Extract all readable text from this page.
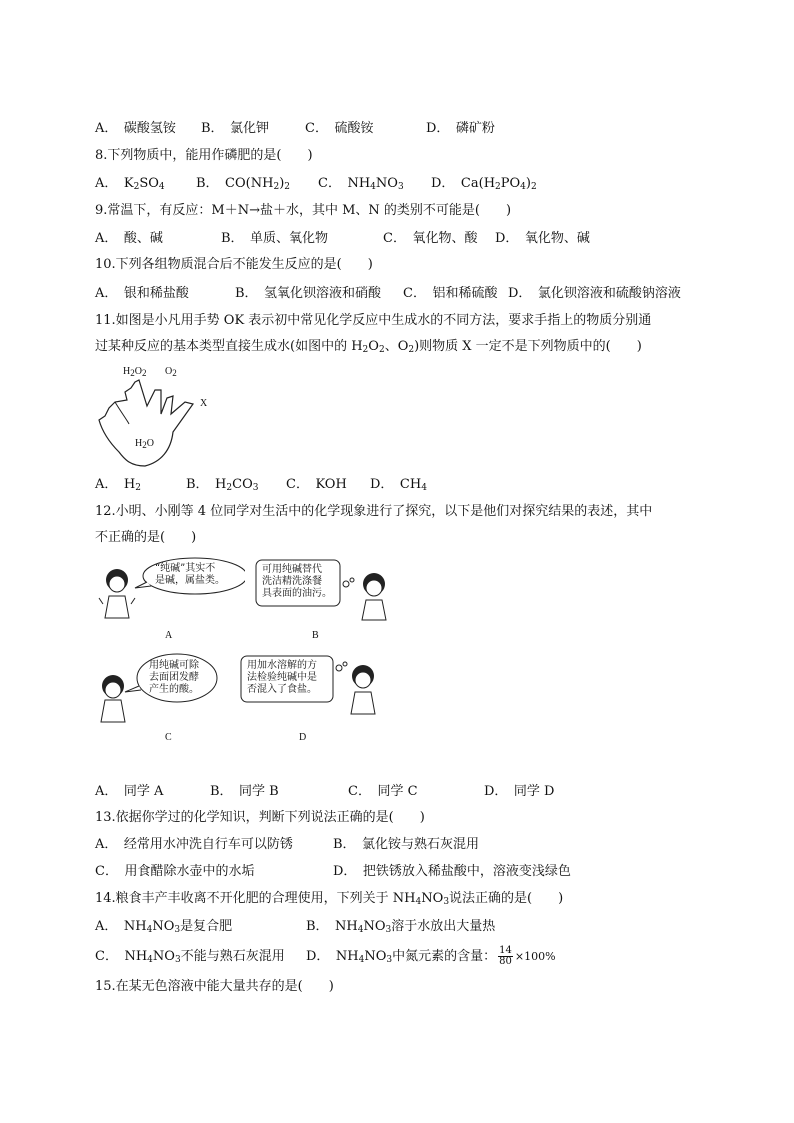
A．　碳酸氢铵 B．　氯化钾	C．　硫酸铵	D．　磷矿粉
8.下列物质中，能用作磷肥的是(　　)
A．　$K_2SO_4$ B．　$CO(NH_2)_2$ C．　$NH_4NO_3$ D．　$Ca(H_2PO_4)_2$
9.常温下，有反应：M＋N→盐＋水，其中 M、N 的类别不可能是(　　)
A．　酸、碱	B．　单质、氧化物	C．　氧化物、酸 D．　氧化物、碱
10.下列各组物质混合后不能发生反应的是(　　)
A．　银和稀盐酸	B．　氢氧化钡溶液和硝酸 C．　铝和稀硫酸 D．　氯化钡溶液和硫酸钠溶液
11.如图是小凡用手势 OK 表示初中常见化学反应中生成水的不同方法，要求手指上的物质分别通
过某种反应的基本类型直接生成水(如图中的 $H_2O_2$、$O_2$)则物质 X 一定不是下列物质中的(　　)
$H_2O_2$ $O_2$
X
$H_2O$
A．　$H_2$	B．　$H_2CO_3$ C．　KOH D．　$CH_4$
12.小明、小刚等 4 位同学对生活中的化学现象进行了探究，以下是他们对探究结果的表述，其中
不正确的是(　　)
“纯碱”其实不
是碱，属盐类。
A
可用纯碱替代
洗洁精洗涤餐
具表面的油污。
B
用纯碱可除
去面团发酵
产生的酸。
C
用加水溶解的方
法检验纯碱中是
否混入了食盐。
D
A．　同学 A	B．　同学 B	C．　同学 C	D．　同学 D
13.依据你学过的化学知识，判断下列说法正确的是(　　)
A．　经常用水冲洗自行车可以防锈	B．　氯化铵与熟石灰混用
C．　用食醋除水壶中的水垢	D．　把铁锈放入稀盐酸中，溶液变浅绿色
14.粮食丰产丰收离不开化肥的合理使用，下列关于 $NH_4NO_3$说法正确的是(　　)
A．　$NH_4NO_3$是复合肥	B．　$NH_4NO_3$溶于水放出大量热
C．　$NH_4NO_3$不能与熟石灰混用 D．　$NH_4NO_3$中氮元素的含量： $\frac{14}{80} \times 100\%$
15.在某无色溶液中能大量共存的是(　　)
